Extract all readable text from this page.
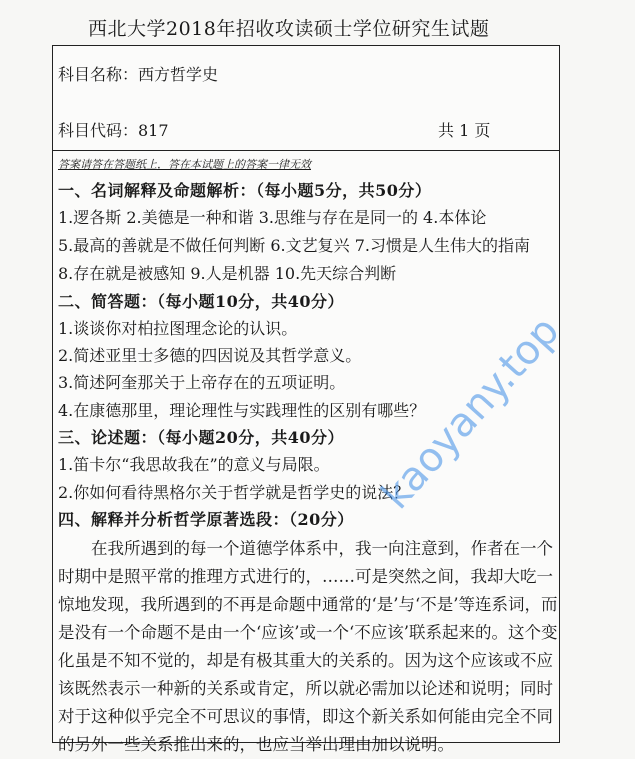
西北大学2018年招收攻读硕士学位研究生试题
科目名称：西方哲学史
科目代码：817	共 1 页
答案请答在答题纸上，答在本试题上的答案一律无效
一、名词解释及命题解析：（每小题5分，共50分）
1.逻各斯 2.美德是一种和谐 3.思维与存在是同一的 4.本体论
5.最高的善就是不做任何判断 6.文艺复兴 7.习惯是人生伟大的指南
8.存在就是被感知 9.人是机器 10.先天综合判断
二、简答题：（每小题10分，共40分）
1.谈谈你对柏拉图理念论的认识。
2.简述亚里士多德的四因说及其哲学意义。
3.简述阿奎那关于上帝存在的五项证明。
4.在康德那里，理论理性与实践理性的区别有哪些？
三、论述题：（每小题20分，共40分）
1.笛卡尔“我思故我在”的意义与局限。
2.你如何看待黑格尔关于哲学就是哲学史的说法？
四、解释并分析哲学原著选段：（20分）
　　在我所遇到的每一个道德学体系中，我一向注意到，作者在一个
时期中是照平常的推理方式进行的，……可是突然之间，我却大吃一
惊地发现，我所遇到的不再是命题中通常的‘是’与‘不是’等连系词，而
是没有一个命题不是由一个‘应该’或一个‘不应该’联系起来的。这个变
化虽是不知不觉的，却是有极其重大的关系的。因为这个应该或不应
该既然表示一种新的关系或肯定，所以就必需加以论述和说明；同时
对于这种似乎完全不可思议的事情，即这个新关系如何能由完全不同
的另外一些关系推出来的，也应当举出理由加以说明。
kaoyany.top
